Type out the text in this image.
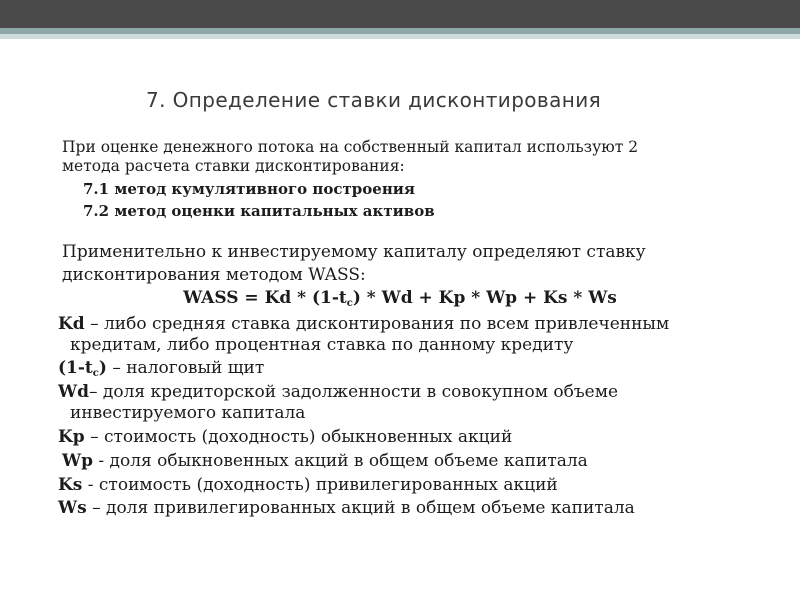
7. Определение ставки дисконтирования
При оценке денежного потока на собственный капитал используют 2
метода расчета ставки дисконтирования:
7.1 метод кумулятивного построения
7.2 метод оценки капитальных активов
Применительно к инвестируемому капиталу определяют ставку
дисконтирования методом WASS:
WASS = $Kd * (1-t_c) * Wd + Kp * Wp + Ks * Ws$
Kd – либо средняя ставка дисконтирования по всем привлеченным
кредитам, либо процентная ставка по данному кредиту
$(1-t_c)$ – налоговый щит
Wd– доля кредиторской задолженности в совокупном объеме
инвестируемого капитала
Kp – стоимость (доходность) обыкновенных акций
Wp - доля обыкновенных акций в общем объеме капитала
Ks - стоимость (доходность) привилегированных акций
Ws – доля привилегированных акций в общем объеме капитала
